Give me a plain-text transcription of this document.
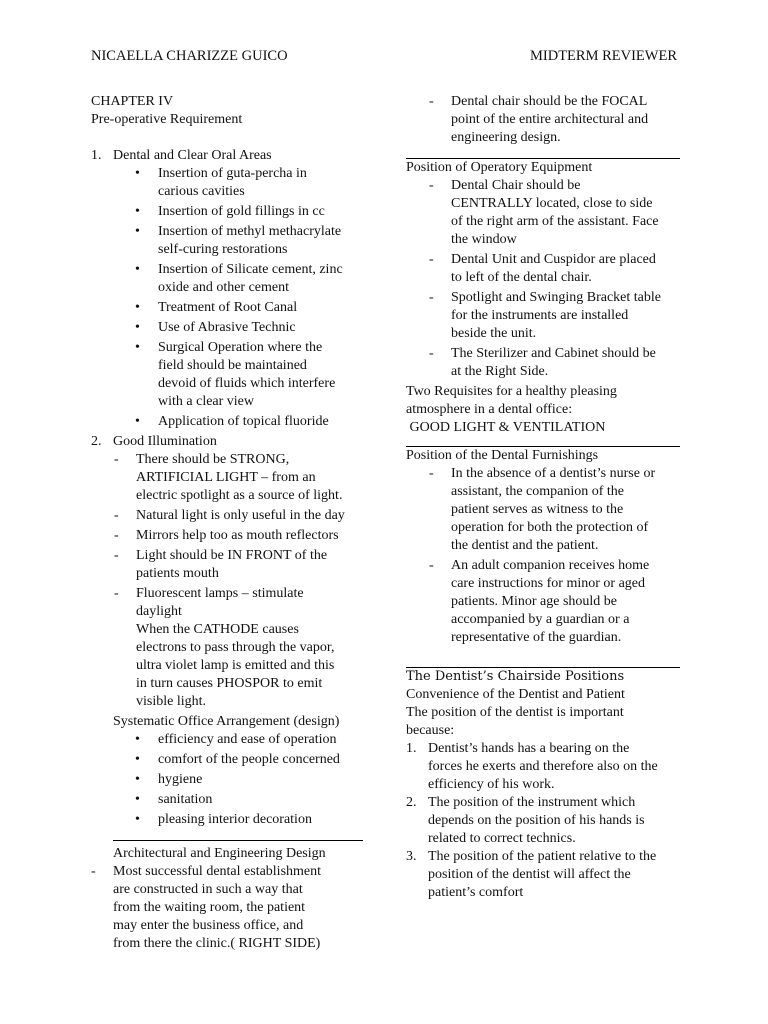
NICAELLA CHARIZZE GUICO	MIDTERM REVIEWER
CHAPTER IV
Pre-operative Requirement
1. Dental and Clear Oral Areas
•	Insertion of guta-percha in
carious cavities
•	Insertion of gold fillings in cc
•	Insertion of methyl methacrylate
self-curing restorations
•	Insertion of Silicate cement, zinc
oxide and other cement
•	Treatment of Root Canal
•	Use of Abrasive Technic
•	Surgical Operation where the
field should be maintained
devoid of fluids which interfere
with a clear view
•	Application of topical fluoride
2. Good Illumination
-	There should be STRONG,
ARTIFICIAL LIGHT – from an
electric spotlight as a source of light.
-	Natural light is only useful in the day
-	Mirrors help too as mouth reflectors
-	Light should be IN FRONT of the
patients mouth
-	Fluorescent lamps – stimulate
daylight
When the CATHODE causes
electrons to pass through the vapor,
ultra violet lamp is emitted and this
in turn causes PHOSPOR to emit
visible light.
Systematic Office Arrangement (design)
•	efficiency and ease of operation
•	comfort of the people concerned
•	hygiene
•	sanitation
•	pleasing interior decoration
Architectural and Engineering Design
-	Most successful dental establishment
are constructed in such a way that
from the waiting room, the patient
may enter the business office, and
from there the clinic.( RIGHT SIDE)
-	Dental chair should be the FOCAL
point of the entire architectural and
engineering design.
Position of Operatory Equipment
-	Dental Chair should be
CENTRALLY located, close to side
of the right arm of the assistant. Face
the window
-	Dental Unit and Cuspidor are placed
to left of the dental chair.
-	Spotlight and Swinging Bracket table
for the instruments are installed
beside the unit.
-	The Sterilizer and Cabinet should be
at the Right Side.
Two Requisites for a healthy pleasing
atmosphere in a dental office:
GOOD LIGHT & VENTILATION
Position of the Dental Furnishings
-	In the absence of a dentist’s nurse or
assistant, the companion of the
patient serves as witness to the
operation for both the protection of
the dentist and the patient.
-	An adult companion receives home
care instructions for minor or aged
patients. Minor age should be
accompanied by a guardian or a
representative of the guardian.
The Dentist’s Chairside Positions
Convenience of the Dentist and Patient
The position of the dentist is important
because:
1. Dentist’s hands has a bearing on the
forces he exerts and therefore also on the
efficiency of his work.
2. The position of the instrument which
depends on the position of his hands is
related to correct technics.
3. The position of the patient relative to the
position of the dentist will affect the
patient’s comfort
